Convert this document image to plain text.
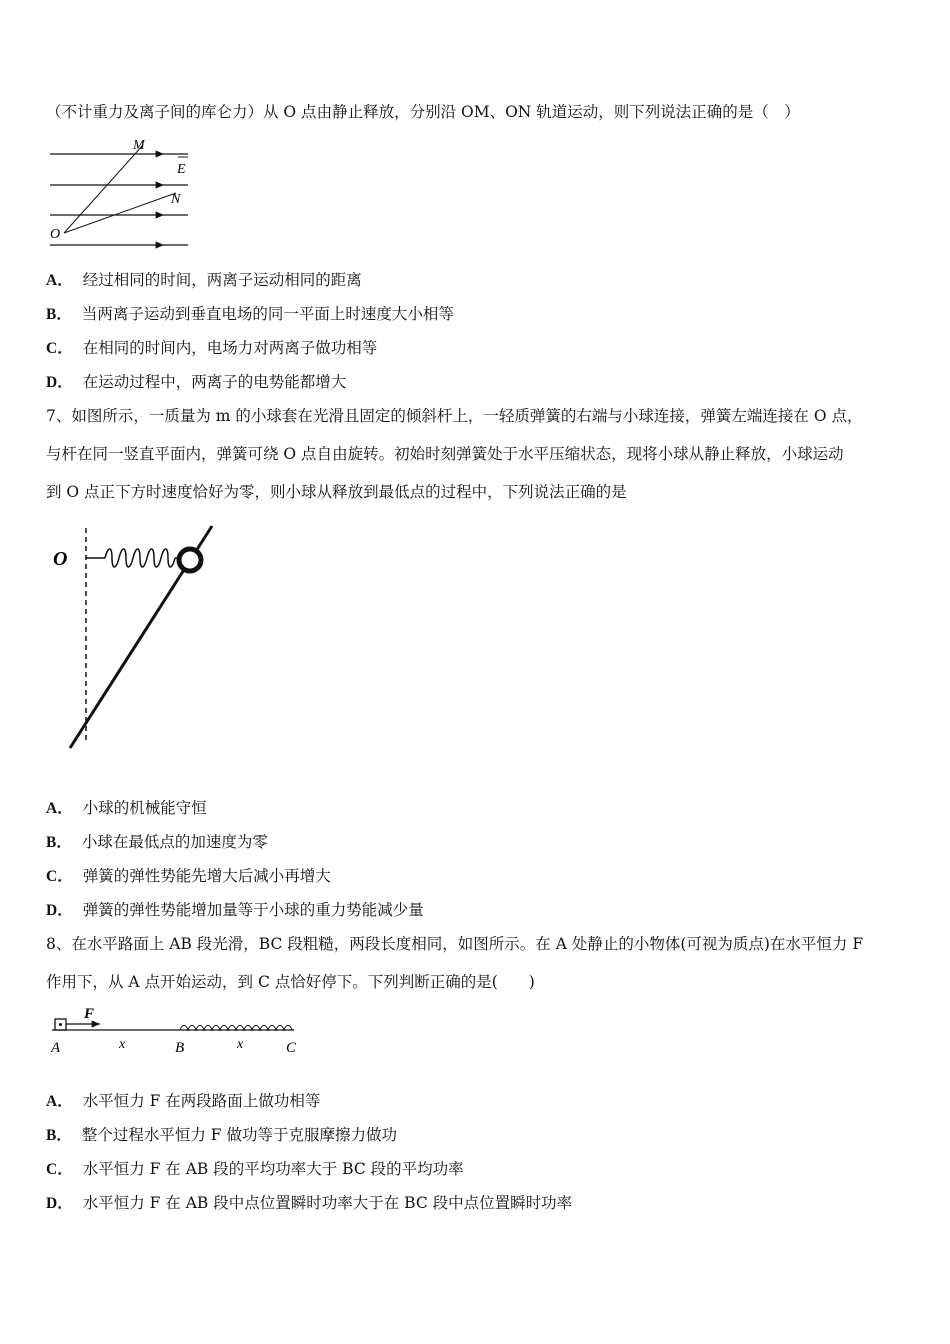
（不计重力及离子间的库仑力）从 O 点由静止释放，分别沿 OM、ON 轨道运动，则下列说法正确的是（　）
M
E
N
O
A． 经过相同的时间，两离子运动相同的距离
B． 当两离子运动到垂直电场的同一平面上时速度大小相等
C． 在相同的时间内，电场力对两离子做功相等
D． 在运动过程中，两离子的电势能都增大
7、如图所示，一质量为 m 的小球套在光滑且固定的倾斜杆上，一轻质弹簧的右端与小球连接，弹簧左端连接在 O 点，
与杆在同一竖直平面内，弹簧可绕 O 点自由旋转。初始时刻弹簧处于水平压缩状态，现将小球从静止释放，小球运动
到 O 点正下方时速度恰好为零，则小球从释放到最低点的过程中，下列说法正确的是
O
A． 小球的机械能守恒
B． 小球在最低点的加速度为零
C． 弹簧的弹性势能先增大后减小再增大
D． 弹簧的弹性势能增加量等于小球的重力势能减少量
8、在水平路面上 AB 段光滑，BC 段粗糙，两段长度相同，如图所示。在 A 处静止的小物体(可视为质点)在水平恒力 F
作用下，从 A 点开始运动，到 C 点恰好停下。下列判断正确的是(　　)
F
A	x	B	x	C
A． 水平恒力 F 在两段路面上做功相等
B． 整个过程水平恒力 F 做功等于克服摩擦力做功
C． 水平恒力 F 在 AB 段的平均功率大于 BC 段的平均功率
D． 水平恒力 F 在 AB 段中点位置瞬时功率大于在 BC 段中点位置瞬时功率
